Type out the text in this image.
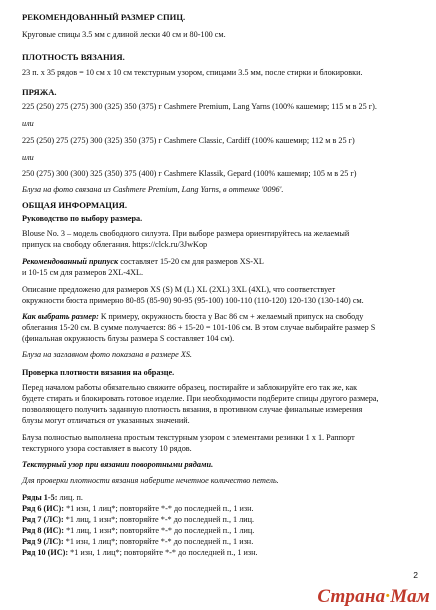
РЕКОМЕНДОВАННЫЙ РАЗМЕР СПИЦ.
Круговые спицы 3.5 мм с длиной лески 40 см и 80-100 см.
ПЛОТНОСТЬ ВЯЗАНИЯ.
23 п. x 35 рядов = 10 см x 10 см текстурным узором, спицами 3.5 мм, после стирки и блокировки.
ПРЯЖА.
225 (250) 275 (275) 300 (325) 350 (375) г Cashmere Premium, Lang Yarns (100% кашемир; 115 м в 25 г).
или
225 (250) 275 (275) 300 (325) 350 (375) г Cashmere Classic, Cardiff (100% кашемир; 112 м в 25 г)
или
250 (275) 300 (300) 325 (350) 375 (400) г Cashmere Klassik, Gepard (100% кашемир; 105 м в 25 г)
Блуза на фото связана из Cashmere Premium, Lang Yarns, в оттенке '0096'.
ОБЩАЯ ИНФОРМАЦИЯ.
Руководство по выбору размера.
Blouse No. 3 – модель свободного силуэта. При выборе размера ориентируйтесь на желаемый
припуск на свободу облегания. https://clck.ru/3JwKop
Рекомендованный припуск составляет 15-20 см для размеров XS-XL
и 10-15 см для размеров 2XL-4XL.
Описание предложено для размеров XS (S) M (L) XL (2XL) 3XL (4XL), что соответствует
окружности бюста примерно 80-85 (85-90) 90-95 (95-100) 100-110 (110-120) 120-130 (130-140) см.
Как выбрать размер: К примеру, окружность бюста у Вас 86 см + желаемый припуск на свободу
облегания 15-20 см. В сумме получается: 86 + 15-20 = 101-106 см. В этом случае выбирайте размер S
(финальная окружность блузы размера S составляет 104 см).
Блуза на заглавном фото показана в размере XS.
Проверка плотности вязания на образце.
Перед началом работы обязательно свяжите образец, постирайте и заблокируйте его так же, как
будете стирать и блокировать готовое изделие. При необходимости подберите спицы другого размера,
позволяющего получить заданную плотность вязания, в противном случае финальные измерения
блузы могут отличаться от указанных значений.
Блуза полностью выполнена простым текстурным узором с элементами резинки 1 x 1. Раппорт
текстурного узора составляет в высоту 10 рядов.
Текстурный узор при вязании поворотными рядами.
Для проверки плотности вязания наберите нечетное количество петель.
Ряды 1-5: лиц. п.
Ряд 6 (ИС): *1 изн, 1 лиц*; повторяйте *-* до последней п., 1 изн.
Ряд 7 (ЛС): *1 лиц, 1 изн*; повторяйте *-* до последней п., 1 лиц.
Ряд 8 (ИС): *1 лиц, 1 изн*; повторяйте *-* до последней п., 1 лиц.
Ряд 9 (ЛС): *1 изн, 1 лиц*; повторяйте *-* до последней п., 1 изн.
Ряд 10 (ИС): *1 изн, 1 лиц*; повторяйте *-* до последней п., 1 изн.
2
Страна·Мам
